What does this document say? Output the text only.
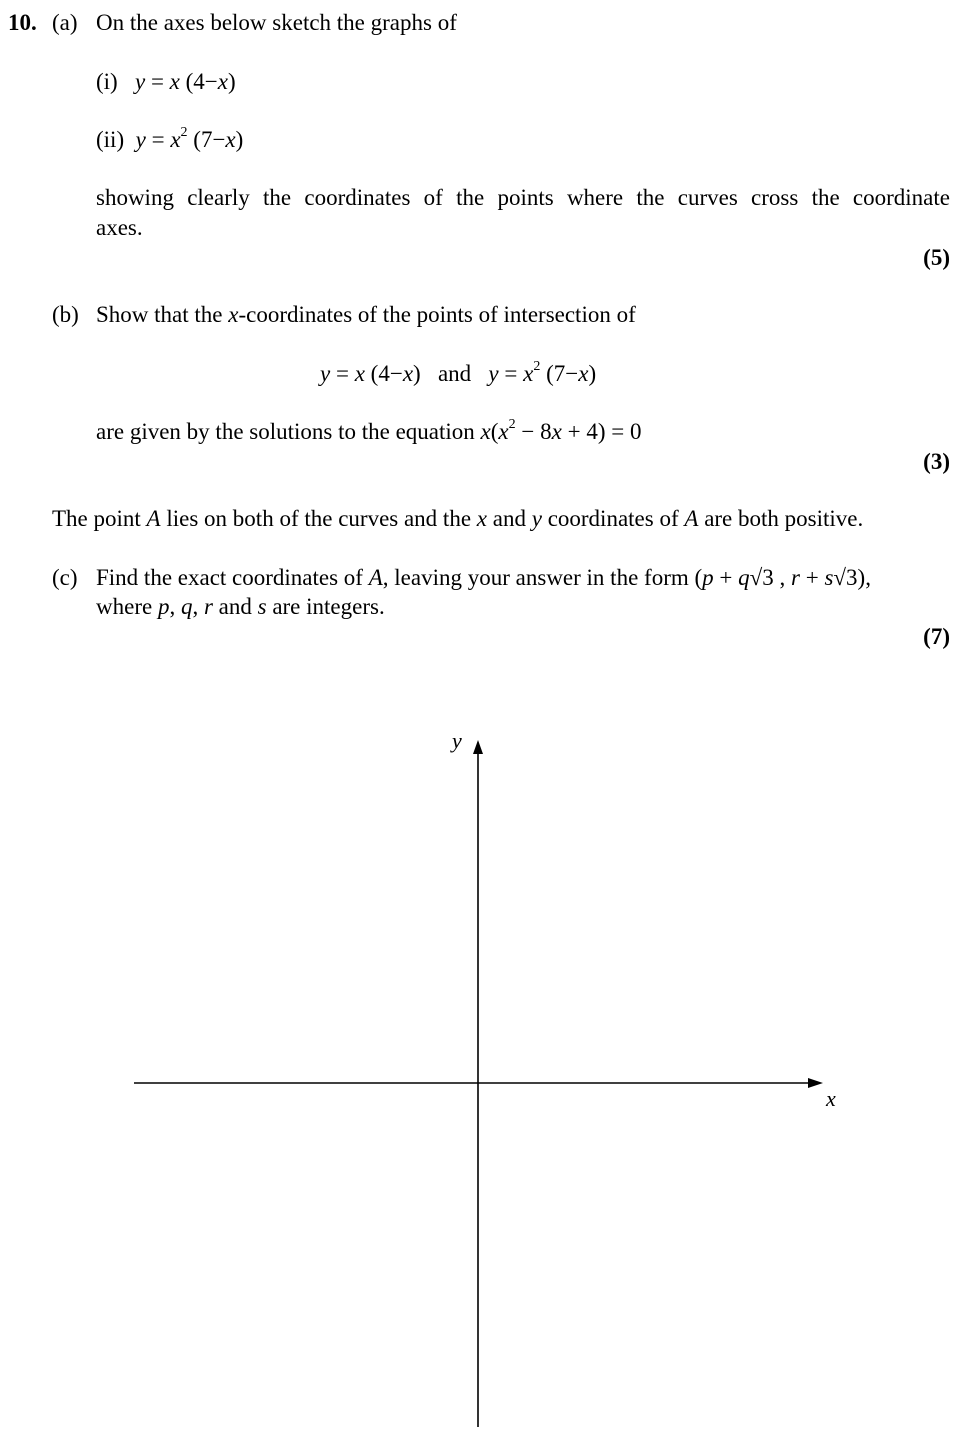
10. (a) On the axes below sketch the graphs of
(i) y = x (4−x)
(ii) $y = x^2$ (7−x)
showing clearly the coordinates of the points where the curves cross the coordinate
axes.
(5)
(b) Show that the x-coordinates of the points of intersection of
y = x (4−x) and $y = x^2$ (7−x)
are given by the solutions to the equation $x(x^2 - 8x + 4) = 0$
(3)
The point A lies on both of the curves and the x and y coordinates of A are both positive.
(c) Find the exact coordinates of A, leaving your answer in the form (p + q√3 , r + s√3),
where p, q, r and s are integers.
(7)
x
y
